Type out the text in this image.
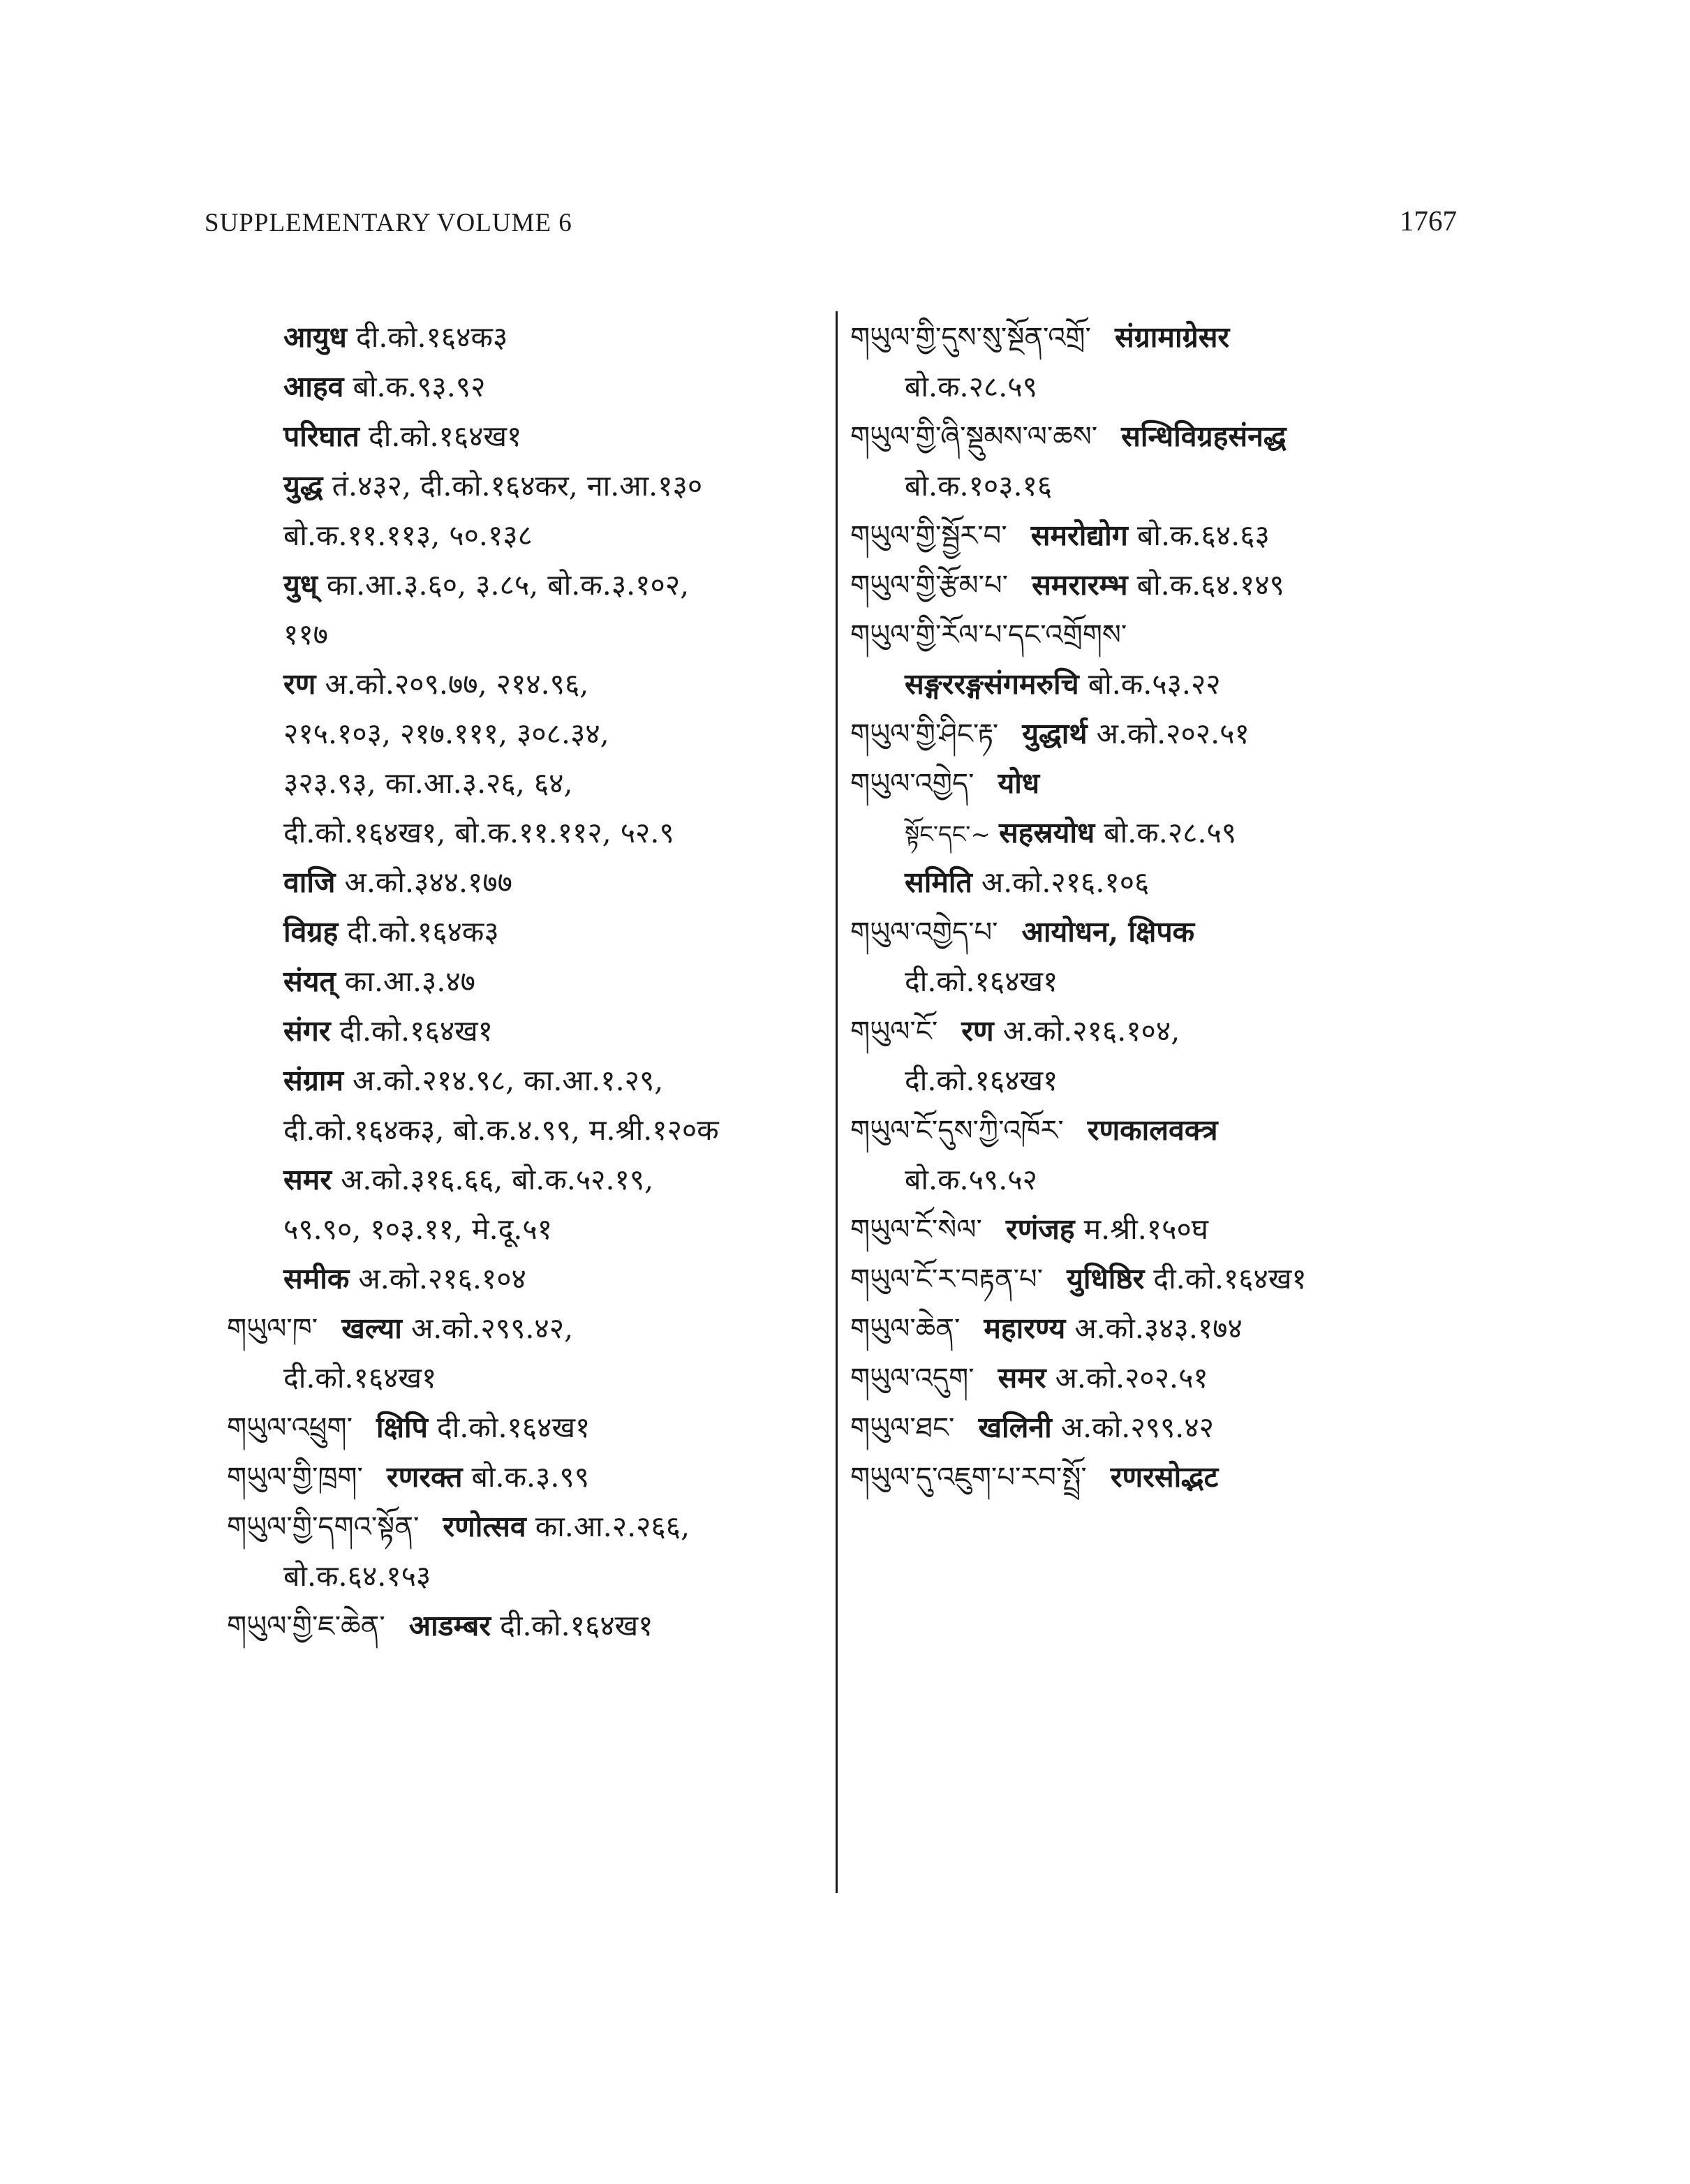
SUPPLEMENTARY VOLUME 6	1767
आयुध दी.को.१६४क३
आहव बो.क.९३.९२
परिघात दी.को.१६४ख१
युद्ध तं.४३२, दी.को.१६४कर, ना.आ.१३०
बो.क.११.११३, ५०.१३८
युध् का.आ.३.६०, ३.८५, बो.क.३.१०२,
११७
रण अ.को.२०९.७७, २१४.९६,
२१५.१०३, २१७.१११, ३०८.३४,
३२३.९३, का.आ.३.२६, ६४,
दी.को.१६४ख१, बो.क.११.११२, ५२.९
वाजि अ.को.३४४.१७७
विग्रह दी.को.१६४क३
संयत् का.आ.३.४७
संगर दी.को.१६४ख१
संग्राम अ.को.२१४.९८, का.आ.१.२९,
दी.को.१६४क३, बो.क.४.९९, म.श्री.१२०क
समर अ.को.३१६.६६, बो.क.५२.१९,
५९.९०, १०३.११, मे.दू.५१
समीक अ.को.२१६.१०४
གཡུལ་ཁ་ खल्या अ.को.२९९.४२,
दी.को.१६४ख१
གཡུལ་འཕྲུག་ क्षिपि दी.को.१६४ख१
གཡུལ་གྱི་ཁྲག་ रणरक्त बो.क.३.९९
གཡུལ་གྱི་དགའ་སྟོན་ रणोत्सव का.आ.२.२६६,
बो.क.६४.१५३
གཡུལ་གྱི་ཇ་ཆེན་ आडम्बर दी.को.१६४ख१
གཡུལ་གྱི་དུས་སུ་སྔོན་འགྲོ་ संग्रामाग्रेसर
बो.क.२८.५९
གཡུལ་གྱི་ཞི་སྡུམས་ལ་ཆས་ सन्धिविग्रहसंनद्ध
बो.क.१०३.१६
གཡུལ་གྱི་སྦྱོར་བ་ समरोद्योग बो.क.६४.६३
གཡུལ་གྱི་རྩོམ་པ་ समरारम्भ बो.क.६४.१४९
གཡུལ་གྱི་རོལ་པ་དང་འགྲོགས་
सङ्गररङ्गसंगमरुचि बो.क.५३.२२
གཡུལ་གྱི་ཤིང་རྟ་ युद्धार्थ अ.को.२०२.५१
གཡུལ་འགྱེད་ योध
སྟོང་དང་~ सहस्रयोध बो.क.२८.५९
समिति अ.को.२१६.१०६
གཡུལ་འགྱེད་པ་ आयोधन, क्षिपक
दी.को.१६४ख१
གཡུལ་ངོ་ रण अ.को.२१६.१०४,
दी.को.१६४ख१
གཡུལ་ངོ་དུས་ཀྱི་འཁོར་ रणकालवक्त्र
बो.क.५९.५२
གཡུལ་ངོ་སེལ་ रणंजह म.श्री.१५०घ
གཡུལ་ངོ་ར་བརྟན་པ་ युधिष्ठिर दी.को.१६४ख१
གཡུལ་ཆེན་ महारण्य अ.को.३४३.१७४
གཡུལ་འདུག་ समर अ.को.२०२.५१
གཡུལ་ཐང་ खलिनी अ.को.२९९.४२
གཡུལ་དུ་འཇུག་པ་རབ་སྤྲོ་ रणरसोद्भट
